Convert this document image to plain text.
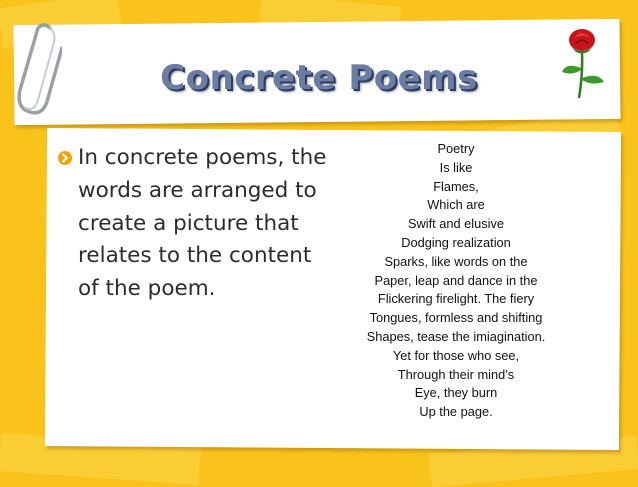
Concrete Poems

In concrete poems, the words are arranged to create a picture that relates to the content of the poem.

Poetry
Is like
Flames,
Which are
Swift and elusive
Dodging realization
Sparks, like words on the
Paper, leap and dance in the
Flickering firelight. The fiery
Tongues, formless and shifting
Shapes, tease the imiagination.
Yet for those who see,
Through their mind’s
Eye, they burn
Up the page.
